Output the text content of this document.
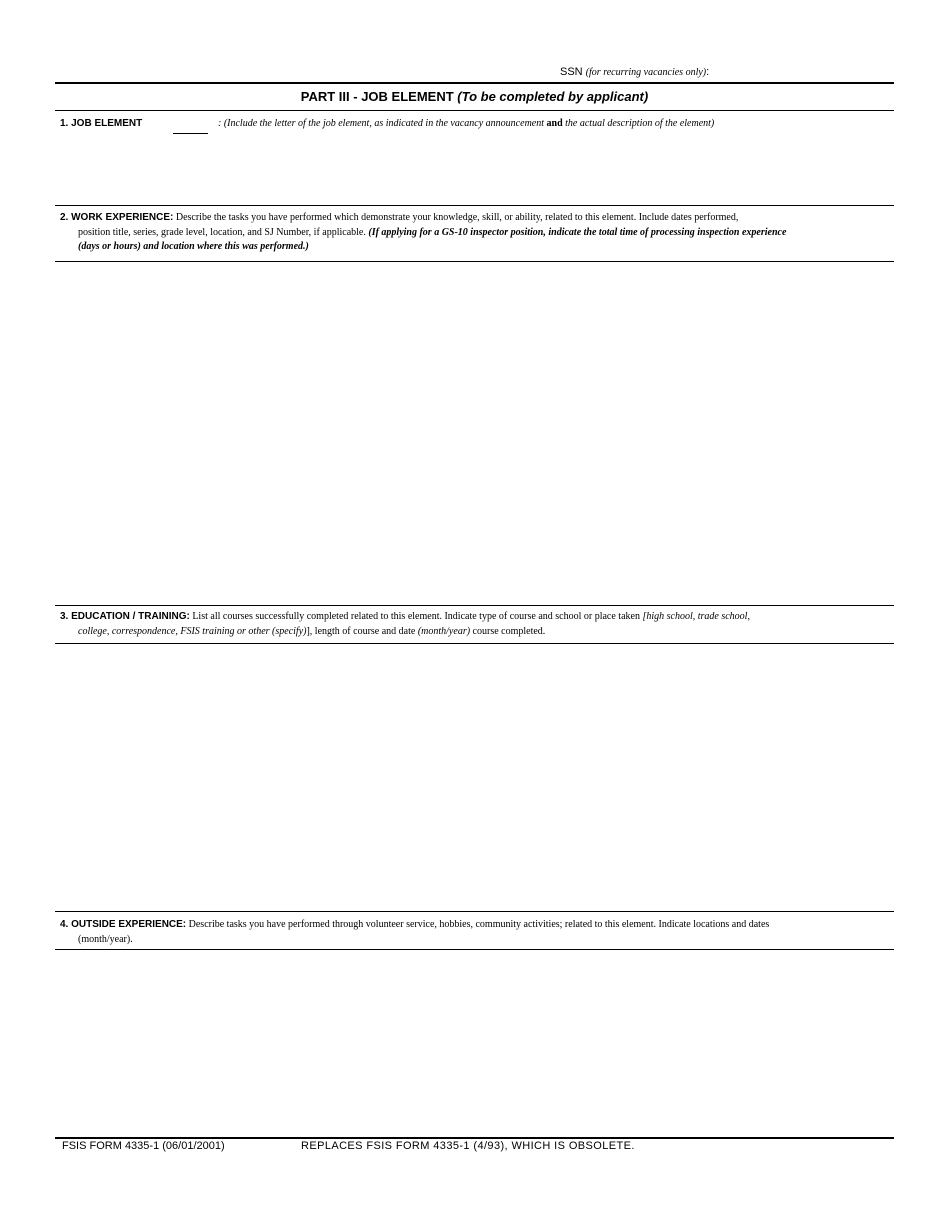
SSN (for recurring vacancies only):
PART III - JOB ELEMENT (To be completed by applicant)
1. JOB ELEMENT	: (Include the letter of the job element, as indicated in the vacancy announcement and the actual description of the element)
2. WORK EXPERIENCE: Describe the tasks you have performed which demonstrate your knowledge, skill, or ability, related to this element. Include dates performed,
position title, series, grade level, location, and SJ Number, if applicable. (If applying for a GS-10 inspector position, indicate the total time of processing inspection experience
(days or hours) and location where this was performed.)
3. EDUCATION / TRAINING: List all courses successfully completed related to this element. Indicate type of course and school or place taken [high school, trade school,
college, correspondence, FSIS training or other (specify)], length of course and date (month/year) course completed.
4. OUTSIDE EXPERIENCE: Describe tasks you have performed through volunteer service, hobbies, community activities; related to this element. Indicate locations and dates
(month/year).
FSIS FORM 4335-1 (06/01/2001)	REPLACES FSIS FORM 4335-1 (4/93), WHICH IS OBSOLETE.
